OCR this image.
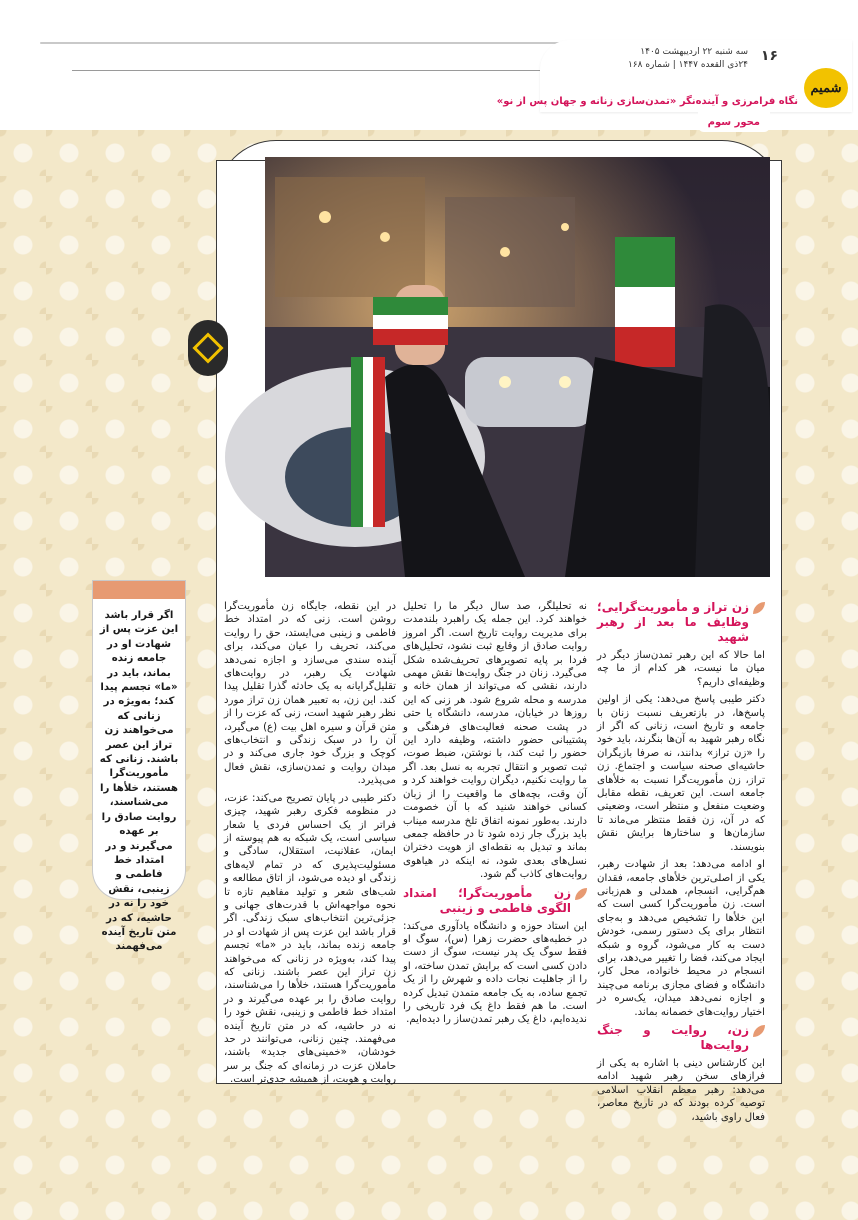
۱۶
سه شنبه ۲۲ اردیبهشت ۱۴۰۵
۲۴ذی القعده ۱۴۴۷ | شماره ۱۶۸
شمیم
نگاه فرامرزی و آینده‌نگر «تمدن‌سازی زنانه و جهان پس از نو»
محور سوم
اگر قرار باشد این عزت پس از شهادت او در جامعه زنده بماند، باید در «ما» تجسم پیدا کند؛ به‌ویژه در زنانی که می‌خواهند زن تراز این عصر باشند. زنانی که مأموریت‌گرا هستند، خلأها را می‌شناسند، روایت صادق را بر عهده می‌گیرند و در امتداد خط فاطمی و زینبی، نقش خود را نه در حاشیه، که در متن تاریخ آینده می‌فهمند
زن تراز و مأموریت‌گرایی؛ وظایف ما بعد از رهبر شهید

اما حالا که این رهبر تمدن‌ساز دیگر در میان ما نیست، هر کدام از ما چه وظیفه‌ای داریم؟

دکتر طیبی پاسخ می‌دهد: یکی از اولین پاسخ‌ها، در بازتعریف نسبت زنان با جامعه و تاریخ است، زنانی که اگر از نگاه رهبر شهید به آن‌ها بنگرند، باید خود را «زن تراز» بدانند، نه صرفا بازیگران حاشیه‌ای صحنه سیاست و اجتماع. زن تراز، زن مأموریت‌گرا نسبت به خلأهای جامعه است. این تعریف، نقطه مقابل وضعیت منفعل و منتظر است، وضعیتی که در آن، زن فقط منتظر می‌ماند تا سازمان‌ها و ساختارها برایش نقش بنویسند.

او ادامه می‌دهد: بعد از شهادت رهبر، یکی از اصلی‌ترین خلأهای جامعه، فقدان هم‌گرایی، انسجام، همدلی و هم‌زبانی است. زن مأموریت‌گرا کسی است که این خلأها را تشخیص می‌دهد و به‌جای انتظار برای یک دستور رسمی، خودش دست به کار می‌شود، گروه و شبکه ایجاد می‌کند، فضا را تغییر می‌دهد، برای انسجام در محیط خانواده، محل کار، دانشگاه و فضای مجازی برنامه می‌چیند و اجازه نمی‌دهد میدان، یک‌سره در اختیار روایت‌های خصمانه بماند.

زن، روایت و جنگ روایت‌ها

این کارشناس دینی با اشاره به یکی از فرازهای سخن رهبر شهید ادامه می‌دهد: رهبر معظم انقلاب اسلامی توصیه کرده بودند که در تاریخ معاصر، فعال راوی باشید،

نه تحلیلگر، صد سال دیگر ما را تحلیل خواهند کرد. این جمله یک راهبرد بلندمدت برای مدیریت روایت تاریخ است. اگر امروز روایت صادق از وقایع ثبت نشود، تحلیل‌های فردا بر پایه تصویرهای تحریف‌شده شکل می‌گیرد. زنان در جنگ روایت‌ها نقش مهمی دارند، نقشی که می‌تواند از همان خانه و مدرسه و محله شروع شود. هر زنی که این روزها در خیابان، مدرسه، دانشگاه یا حتی در پشت صحنه فعالیت‌های فرهنگی و پشتیبانی حضور داشته، وظیفه دارد این حضور را ثبت کند، با نوشتن، ضبط صوت، ثبت تصویر و انتقال تجربه به نسل بعد. اگر ما روایت نکنیم، دیگران روایت خواهند کرد و آن وقت، بچه‌های ما واقعیت را از زبان کسانی خواهند شنید که با آن خصومت دارند. به‌طور نمونه اتفاق تلخ مدرسه میناب باید بزرگ جار زده شود تا در حافظه جمعی بماند و تبدیل به نقطه‌ای از هویت دختران نسل‌های بعدی شود، نه اینکه در هیاهوی روایت‌های کاذب گم شود.

زن مأموریت‌گرا؛ امتداد الگوی فاطمی و زینبی

این استاد حوزه و دانشگاه یادآوری می‌کند: در خطبه‌های حضرت زهرا (س)، سوگ او فقط سوگ یک پدر نیست، سوگ از دست دادن کسی است که برایش تمدن ساخته، او را از جاهلیت نجات داده و شهرش را از یک تجمع ساده، به یک جامعه متمدن تبدیل کرده است. ما هم فقط داغ یک فرد تاریخی را ندیده‌ایم، داغ یک رهبر تمدن‌ساز را دیده‌ایم.

در این نقطه، جایگاه زن مأموریت‌گرا روشن است. زنی که در امتداد خط فاطمی و زینبی می‌ایستد، حق را روایت می‌کند، تحریف را عیان می‌کند، برای آینده سندی می‌سازد و اجازه نمی‌دهد شهادت یک رهبر، در روایت‌های تقلیل‌گرایانه به یک حادثه گذرا تقلیل پیدا کند. این زن، به تعبیر همان زن تراز مورد نظر رهبر شهید است، زنی که عزت را از متن قرآن و سیره اهل بیت (ع) می‌گیرد، آن را در سبک زندگی و انتخاب‌های کوچک و بزرگ خود جاری می‌کند و در میدان روایت و تمدن‌سازی، نقش فعال می‌پذیرد.

دکتر طیبی در پایان تصریح می‌کند: عزت، در منظومه فکری رهبر شهید، چیزی فراتر از یک احساس فردی یا شعار سیاسی است، یک شبکه به هم پیوسته از ایمان، عقلانیت، استقلال، سادگی و مسئولیت‌پذیری که در تمام لایه‌های زندگی او دیده می‌شود، از اتاق مطالعه و شب‌های شعر و تولید مفاهیم تازه تا نحوه مواجهه‌اش با قدرت‌های جهانی و جزئی‌ترین انتخاب‌های سبک زندگی. اگر قرار باشد این عزت پس از شهادت او در جامعه زنده بماند، باید در «ما» تجسم پیدا کند، به‌ویژه در زنانی که می‌خواهند زن تراز این عصر باشند. زنانی که مأموریت‌گرا هستند، خلأها را می‌شناسند، روایت صادق را بر عهده می‌گیرند و در امتداد خط فاطمی و زینبی، نقش خود را نه در حاشیه، که در متن تاریخ آینده می‌فهمند. چنین زنانی، می‌توانند در حد خودشان، «خمینی‌های جدید» باشند، حاملان عزت در زمانه‌ای که جنگ بر سر روایت و هویت، از همیشه جدی‌تر است.
